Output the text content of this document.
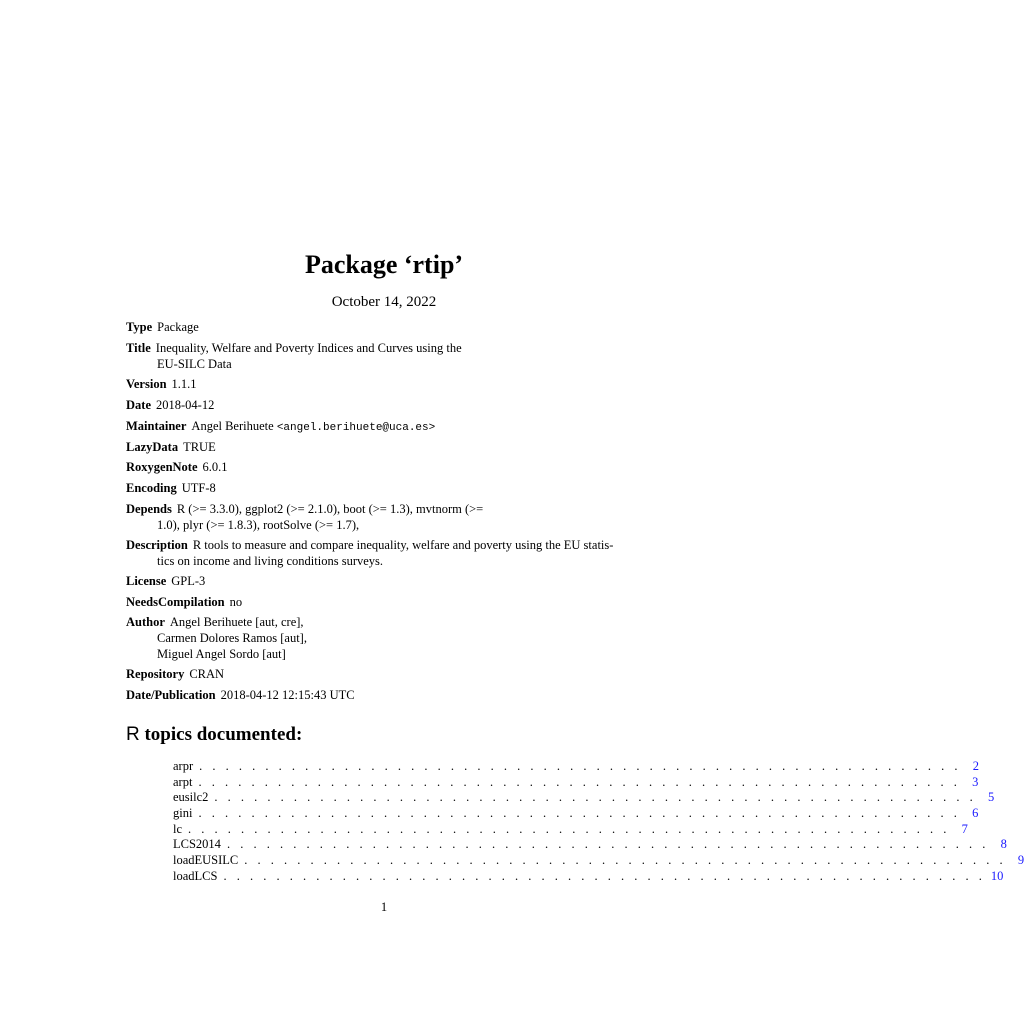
Package ‘rtip’
October 14, 2022
Type Package
Title Inequality, Welfare and Poverty Indices and Curves using the
EU-SILC Data
Version 1.1.1
Date 2018-04-12
Maintainer Angel Berihuete <angel.berihuete@uca.es>
LazyData TRUE
RoxygenNote 6.0.1
Encoding UTF-8
Depends R (>= 3.3.0), ggplot2 (>= 2.1.0), boot (>= 1.3), mvtnorm (>=
1.0), plyr (>= 1.8.3), rootSolve (>= 1.7),
Description R tools to measure and compare inequality, welfare and poverty using the EU statis-
tics on income and living conditions surveys.
License GPL-3
NeedsCompilation no
Author Angel Berihuete [aut, cre],
Carmen Dolores Ramos [aut],
Miguel Angel Sordo [aut]
Repository CRAN
Date/Publication 2018-04-12 12:15:43 UTC
R topics documented:
arpr . . . . . . . . . . . . . . . . . . . . . . . . . . . . . . . . . . . . . . . . . . . . . . . . . . . . . . . . . . 2
arpt . . . . . . . . . . . . . . . . . . . . . . . . . . . . . . . . . . . . . . . . . . . . . . . . . . . . . . . . . . 3
eusilc2 . . . . . . . . . . . . . . . . . . . . . . . . . . . . . . . . . . . . . . . . . . . . . . . . . . . . . . . . . . 5
gini . . . . . . . . . . . . . . . . . . . . . . . . . . . . . . . . . . . . . . . . . . . . . . . . . . . . . . . . . . 6
lc . . . . . . . . . . . . . . . . . . . . . . . . . . . . . . . . . . . . . . . . . . . . . . . . . . . . . . . . . . 7
LCS2014 . . . . . . . . . . . . . . . . . . . . . . . . . . . . . . . . . . . . . . . . . . . . . . . . . . . . . . . . . . 8
loadEUSILC . . . . . . . . . . . . . . . . . . . . . . . . . . . . . . . . . . . . . . . . . . . . . . . . . . . . . . . . . . 9
loadLCS . . . . . . . . . . . . . . . . . . . . . . . . . . . . . . . . . . . . . . . . . . . . . . . . . . . . . . . . . . 10
1
